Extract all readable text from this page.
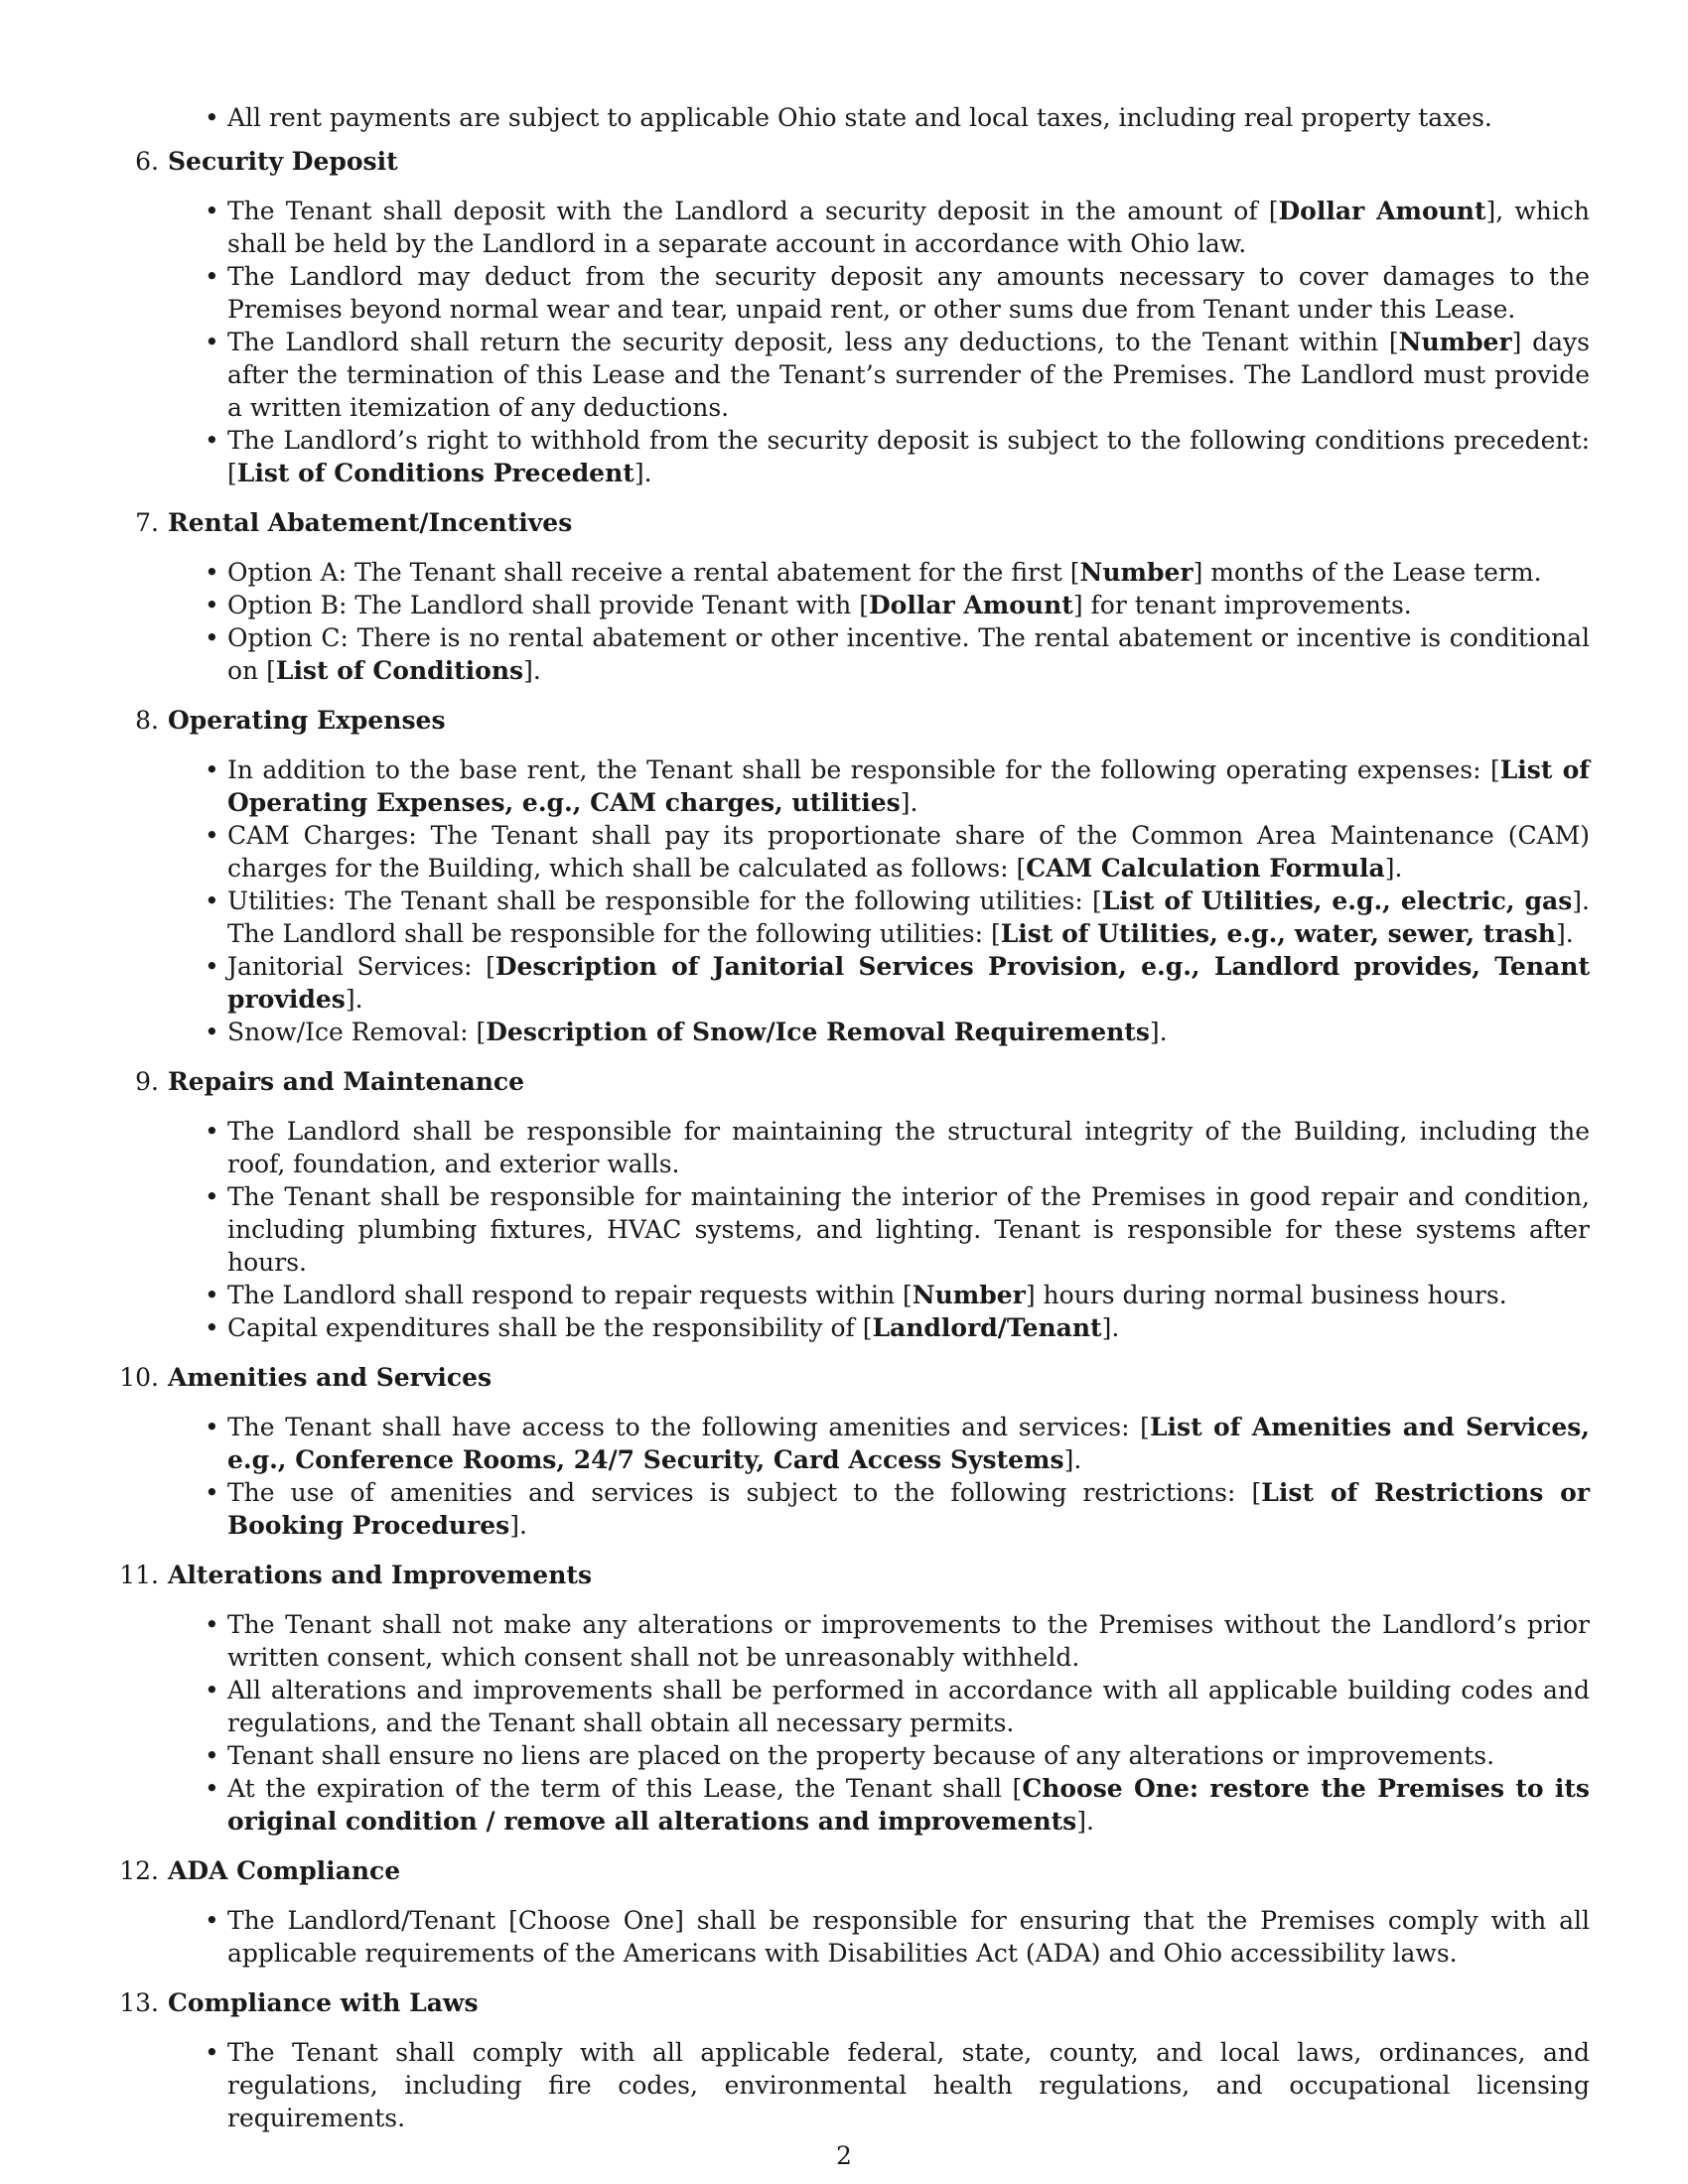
• All rent payments are subject to applicable Ohio state and local taxes, including real property taxes.
6. Security Deposit
• The Tenant shall deposit with the Landlord a security deposit in the amount of [Dollar Amount], which shall be held by the Landlord in a separate account in accordance with Ohio law.
• The Landlord may deduct from the security deposit any amounts necessary to cover damages to the Premises beyond normal wear and tear, unpaid rent, or other sums due from Tenant under this Lease.
• The Landlord shall return the security deposit, less any deductions, to the Tenant within [Number] days after the termination of this Lease and the Tenant’s surrender of the Premises. The Landlord must provide a written itemization of any deductions.
• The Landlord’s right to withhold from the security deposit is subject to the following conditions precedent: [List of Conditions Precedent].
7. Rental Abatement/Incentives
• Option A: The Tenant shall receive a rental abatement for the first [Number] months of the Lease term.
• Option B: The Landlord shall provide Tenant with [Dollar Amount] for tenant improvements.
• Option C: There is no rental abatement or other incentive. The rental abatement or incentive is conditional on [List of Conditions].
8. Operating Expenses
• In addition to the base rent, the Tenant shall be responsible for the following operating expenses: [List of Operating Expenses, e.g., CAM charges, utilities].
• CAM Charges: The Tenant shall pay its proportionate share of the Common Area Maintenance (CAM) charges for the Building, which shall be calculated as follows: [CAM Calculation Formula].
• Utilities: The Tenant shall be responsible for the following utilities: [List of Utilities, e.g., electric, gas]. The Landlord shall be responsible for the following utilities: [List of Utilities, e.g., water, sewer, trash].
• Janitorial Services: [Description of Janitorial Services Provision, e.g., Landlord provides, Tenant provides].
• Snow/Ice Removal: [Description of Snow/Ice Removal Requirements].
9. Repairs and Maintenance
• The Landlord shall be responsible for maintaining the structural integrity of the Building, including the roof, foundation, and exterior walls.
• The Tenant shall be responsible for maintaining the interior of the Premises in good repair and condition, including plumbing fixtures, HVAC systems, and lighting. Tenant is responsible for these systems after hours.
• The Landlord shall respond to repair requests within [Number] hours during normal business hours.
• Capital expenditures shall be the responsibility of [Landlord/Tenant].
10. Amenities and Services
• The Tenant shall have access to the following amenities and services: [List of Amenities and Services, e.g., Conference Rooms, 24/7 Security, Card Access Systems].
• The use of amenities and services is subject to the following restrictions: [List of Restrictions or Booking Procedures].
11. Alterations and Improvements
• The Tenant shall not make any alterations or improvements to the Premises without the Landlord’s prior written consent, which consent shall not be unreasonably withheld.
• All alterations and improvements shall be performed in accordance with all applicable building codes and regulations, and the Tenant shall obtain all necessary permits.
• Tenant shall ensure no liens are placed on the property because of any alterations or improvements.
• At the expiration of the term of this Lease, the Tenant shall [Choose One: restore the Premises to its original condition / remove all alterations and improvements].
12. ADA Compliance
• The Landlord/Tenant [Choose One] shall be responsible for ensuring that the Premises comply with all applicable requirements of the Americans with Disabilities Act (ADA) and Ohio accessibility laws.
13. Compliance with Laws
• The Tenant shall comply with all applicable federal, state, county, and local laws, ordinances, and regulations, including fire codes, environmental health regulations, and occupational licensing requirements.
2
